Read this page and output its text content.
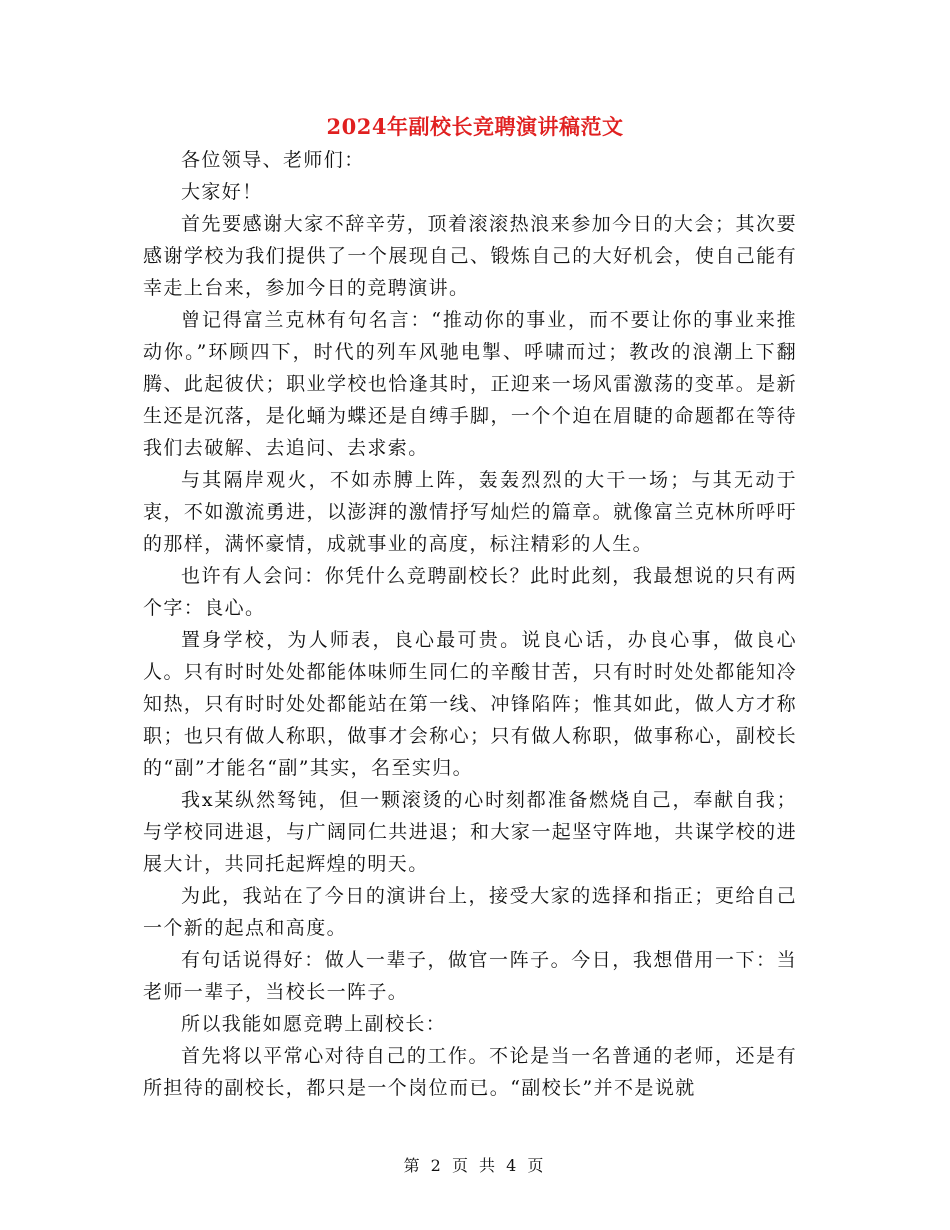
2024年副校长竞聘演讲稿范文

各位领导、老师们：

大家好！

首先要感谢大家不辞辛劳，顶着滚滚热浪来参加今日的大会；其次要感谢学校为我们提供了一个展现自己、锻炼自己的大好机会，使自己能有幸走上台来，参加今日的竞聘演讲。

曾记得富兰克林有句名言：“推动你的事业，而不要让你的事业来推动你。”环顾四下，时代的列车风驰电掣、呼啸而过；教改的浪潮上下翻腾、此起彼伏；职业学校也恰逢其时，正迎来一场风雷激荡的变革。是新生还是沉落，是化蛹为蝶还是自缚手脚，一个个迫在眉睫的命题都在等待我们去破解、去追问、去求索。

与其隔岸观火，不如赤膊上阵，轰轰烈烈的大干一场；与其无动于衷，不如激流勇进，以澎湃的激情抒写灿烂的篇章。就像富兰克林所呼吁的那样，满怀豪情，成就事业的高度，标注精彩的人生。

也许有人会问：你凭什么竞聘副校长？此时此刻，我最想说的只有两个字：良心。

置身学校，为人师表，良心最可贵。说良心话，办良心事，做良心人。只有时时处处都能体味师生同仁的辛酸甘苦，只有时时处处都能知冷知热，只有时时处处都能站在第一线、冲锋陷阵；惟其如此，做人方才称职；也只有做人称职，做事才会称心；只有做人称职，做事称心，副校长的“副”才能名“副”其实，名至实归。

我x某纵然驽钝，但一颗滚烫的心时刻都准备燃烧自己，奉献自我；与学校同进退，与广阔同仁共进退；和大家一起坚守阵地，共谋学校的进展大计，共同托起辉煌的明天。

为此，我站在了今日的演讲台上，接受大家的选择和指正；更给自己一个新的起点和高度。

有句话说得好：做人一辈子，做官一阵子。今日，我想借用一下：当老师一辈子，当校长一阵子。

所以我能如愿竞聘上副校长：

首先将以平常心对待自己的工作。不论是当一名普通的老师，还是有所担待的副校长，都只是一个岗位而已。“副校长”并不是说就

第 2 页 共 4 页
